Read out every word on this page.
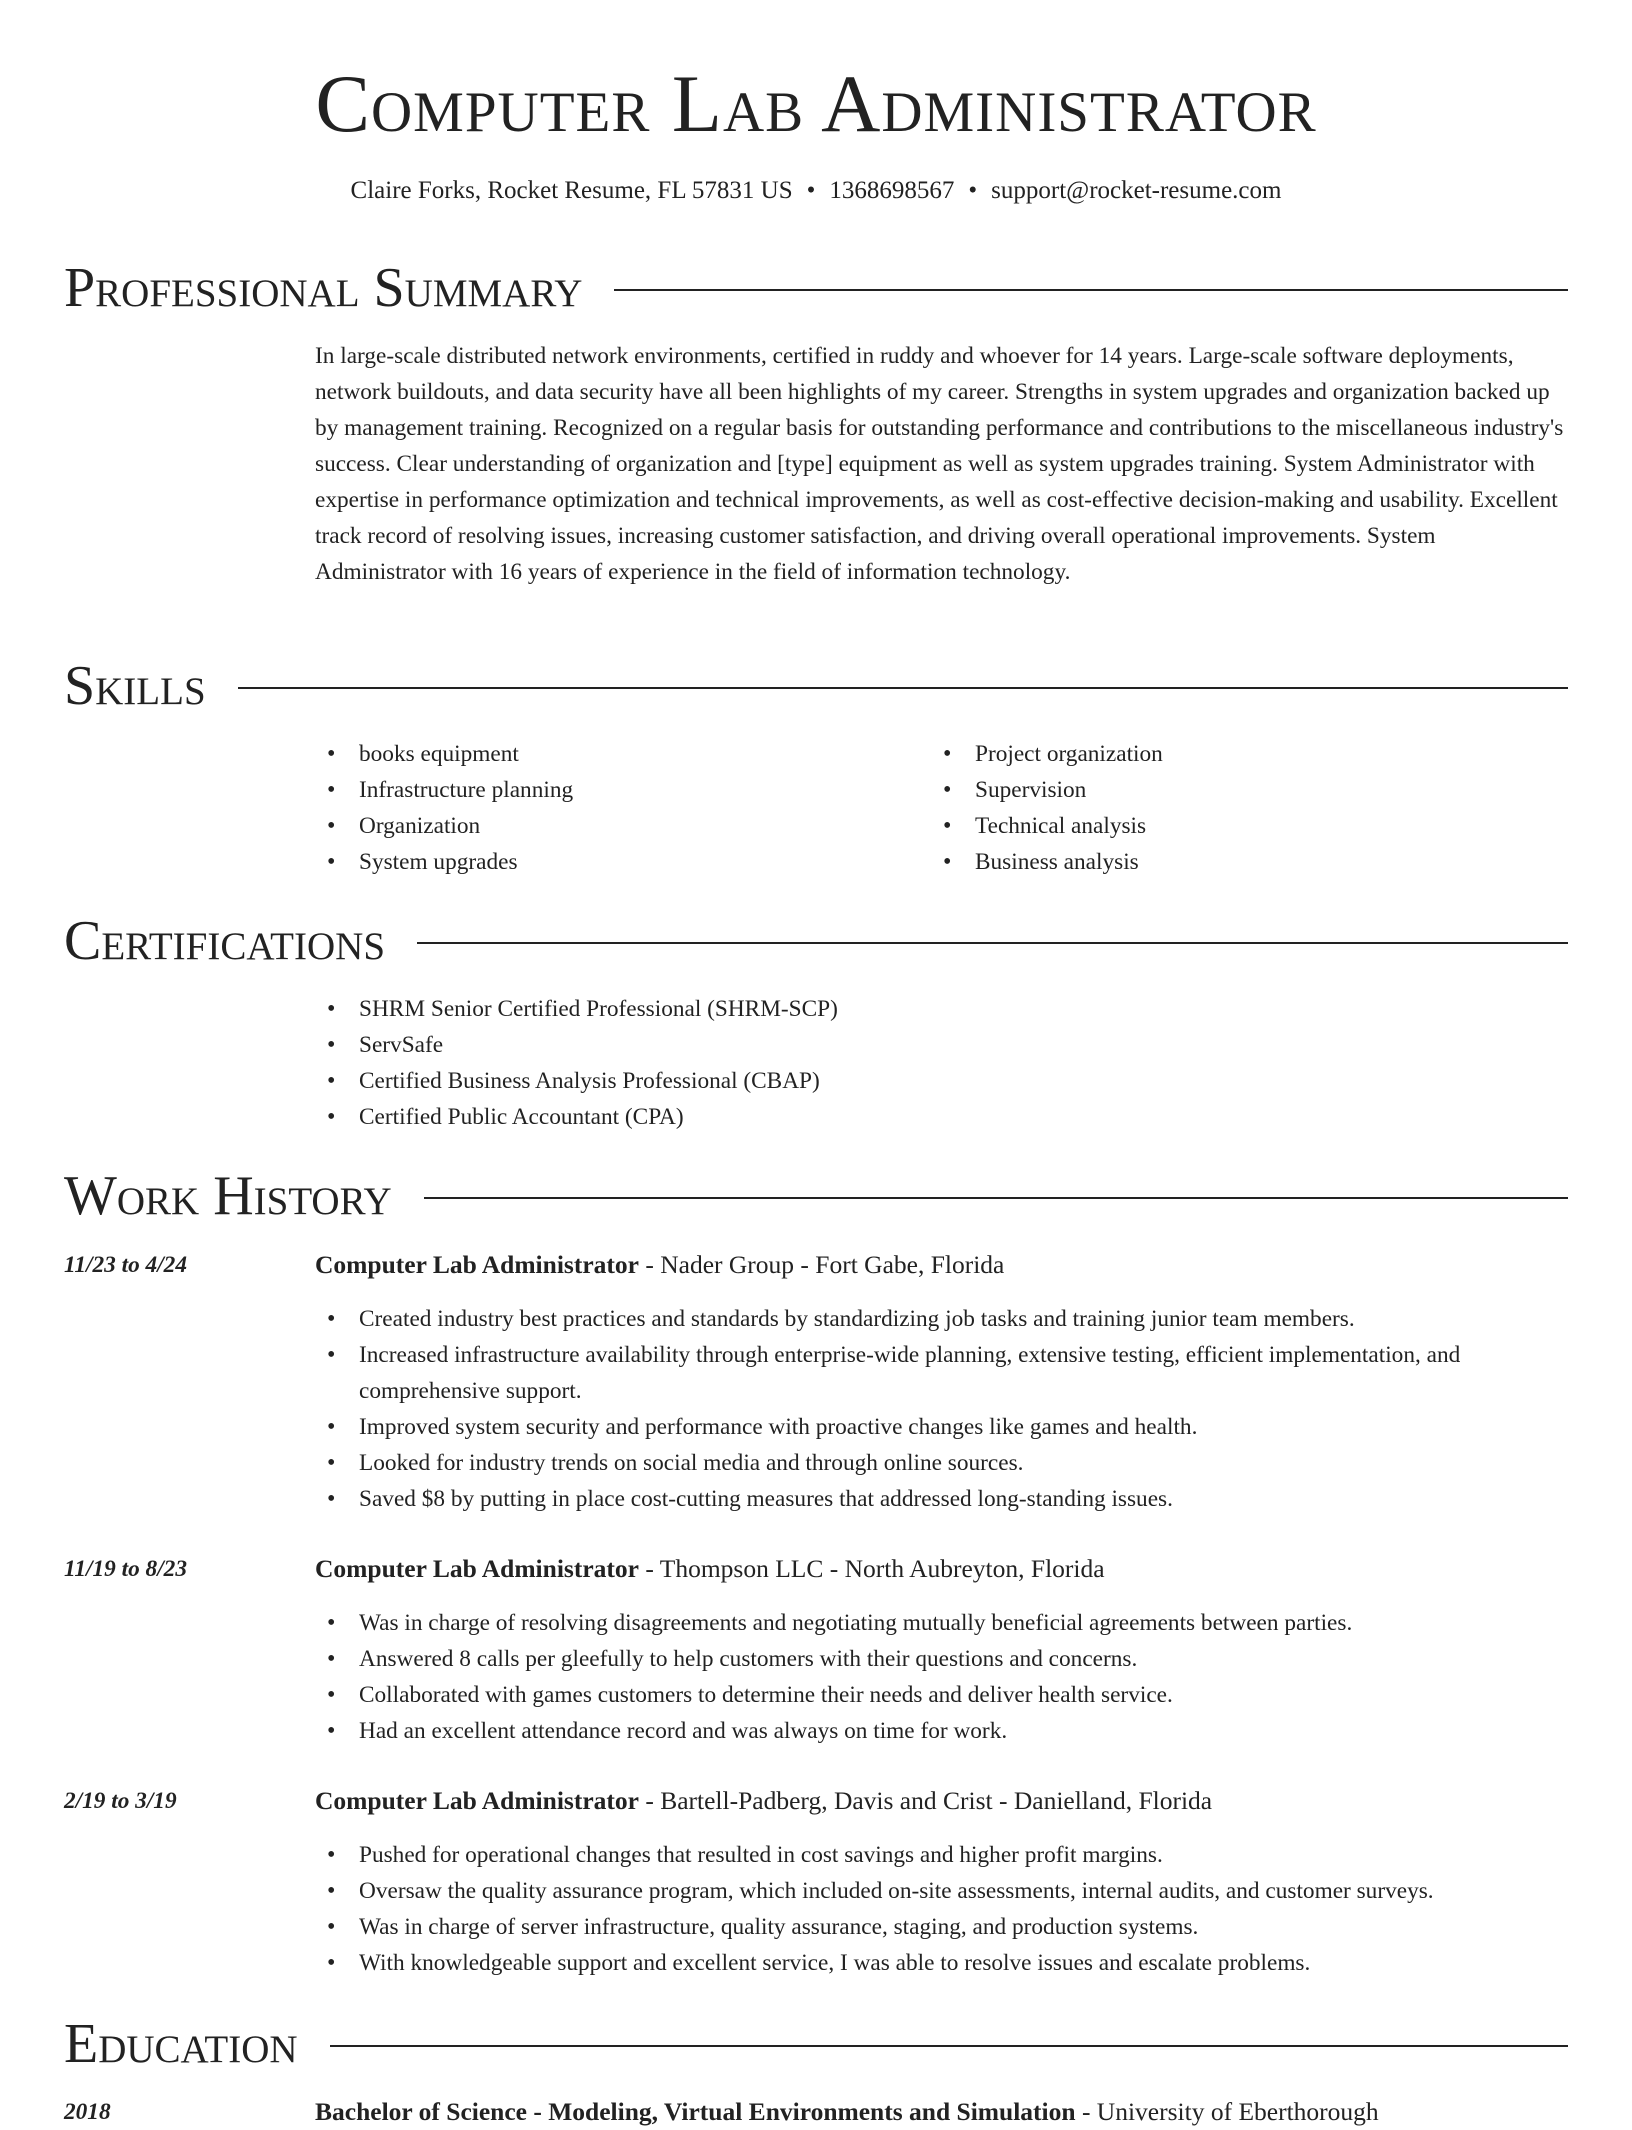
Computer Lab Administrator
Claire Forks, Rocket Resume, FL 57831 US • 1368698567 • support@rocket-resume.com
Professional Summary

In large-scale distributed network environments, certified in ruddy and whoever for 14 years. Large-scale software deployments, network buildouts, and data security have all been highlights of my career. Strengths in system upgrades and organization backed up by management training. Recognized on a regular basis for outstanding performance and contributions to the miscellaneous industry's success. Clear understanding of organization and [type] equipment as well as system upgrades training. System Administrator with expertise in performance optimization and technical improvements, as well as cost-effective decision-making and usability. Excellent track record of resolving issues, increasing customer satisfaction, and driving overall operational improvements. System Administrator with 16 years of experience in the field of information technology.

Skills
• books equipment
• Infrastructure planning
• Organization
• System upgrades
• Project organization
• Supervision
• Technical analysis
• Business analysis
Certifications
• SHRM Senior Certified Professional (SHRM-SCP)
• ServSafe
• Certified Business Analysis Professional (CBAP)
• Certified Public Accountant (CPA)
Work History
11/23 to 4/24	Computer Lab Administrator - Nader Group - Fort Gabe, Florida
• Created industry best practices and standards by standardizing job tasks and training junior team members.
• Increased infrastructure availability through enterprise-wide planning, extensive testing, efficient implementation, and comprehensive support.
• Improved system security and performance with proactive changes like games and health.
• Looked for industry trends on social media and through online sources.
• Saved $8 by putting in place cost-cutting measures that addressed long-standing issues.
11/19 to 8/23	Computer Lab Administrator - Thompson LLC - North Aubreyton, Florida
• Was in charge of resolving disagreements and negotiating mutually beneficial agreements between parties.
• Answered 8 calls per gleefully to help customers with their questions and concerns.
• Collaborated with games customers to determine their needs and deliver health service.
• Had an excellent attendance record and was always on time for work.
2/19 to 3/19	Computer Lab Administrator - Bartell-Padberg, Davis and Crist - Danielland, Florida
• Pushed for operational changes that resulted in cost savings and higher profit margins.
• Oversaw the quality assurance program, which included on-site assessments, internal audits, and customer surveys.
• Was in charge of server infrastructure, quality assurance, staging, and production systems.
• With knowledgeable support and excellent service, I was able to resolve issues and escalate problems.
Education
2018	Bachelor of Science - Modeling, Virtual Environments and Simulation - University of Eberthorough
